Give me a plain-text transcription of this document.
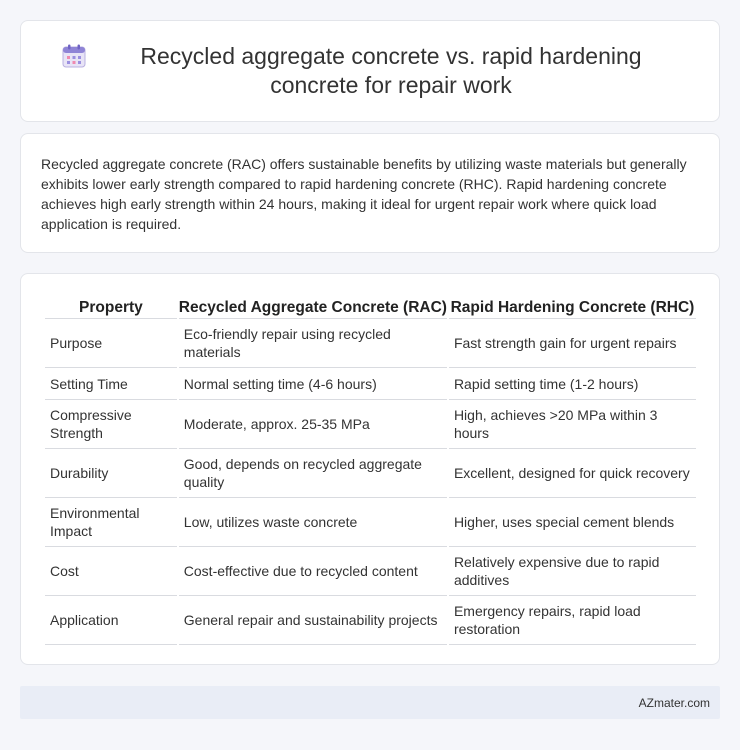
Recycled aggregate concrete vs. rapid hardening concrete for repair work

Recycled aggregate concrete (RAC) offers sustainable benefits by utilizing waste materials but generally exhibits lower early strength compared to rapid hardening concrete (RHC). Rapid hardening concrete achieves high early strength within 24 hours, making it ideal for urgent repair work where quick load application is required.

Property	Recycled Aggregate Concrete (RAC)	Rapid Hardening Concrete (RHC)
Purpose	Eco-friendly repair using recycled materials	Fast strength gain for urgent repairs
Setting Time	Normal setting time (4-6 hours)	Rapid setting time (1-2 hours)
Compressive Strength	Moderate, approx. 25-35 MPa	High, achieves >20 MPa within 3 hours
Durability	Good, depends on recycled aggregate quality	Excellent, designed for quick recovery
Environmental Impact	Low, utilizes waste concrete	Higher, uses special cement blends
Cost	Cost-effective due to recycled content	Relatively expensive due to rapid additives
Application	General repair and sustainability projects	Emergency repairs, rapid load restoration
AZmater.com
